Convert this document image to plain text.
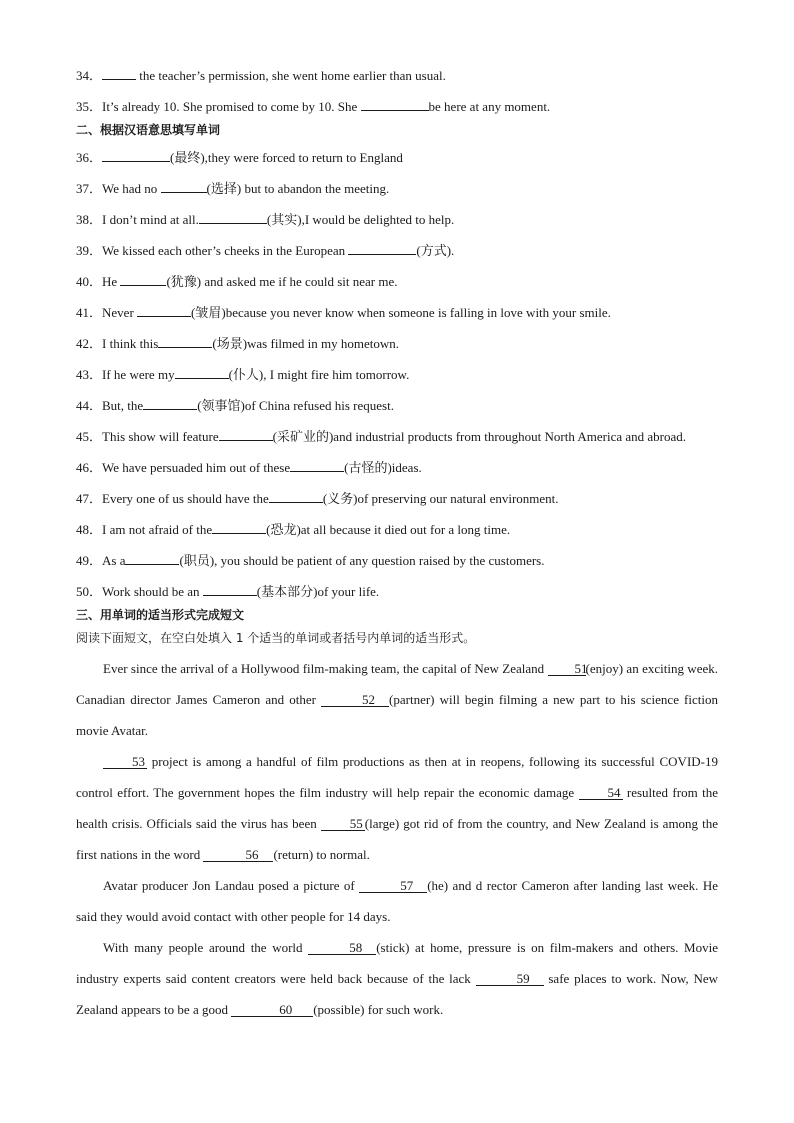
34．	the teacher’s permission, she went home earlier than usual.
35．It’s already 10. She promised to come by 10. She	be here at any moment.
二、根据汉语意思填写单词
36．	(最终),they were forced to return to England
37．We had no	(选择) but to abandon the meeting.
38．I don’t mind at all.	(其实),I would be delighted to help.
39．We kissed each other’s cheeks in the European	(方式).
40．He	(犹豫) and asked me if he could sit near me.
41．Never	(皱眉)because you never know when someone is falling in love with your smile.
42．I think this	(场景)was filmed in my hometown.
43．If he were my	(仆人), I might fire him tomorrow.
44．But, the	(领事馆)of China refused his request.
45．This show will feature	(采矿业的)and industrial products from throughout North America and abroad.
46．We have persuaded him out of these	(古怪的)ideas.
47．Every one of us should have the	(义务)of preserving our natural environment.
48．I am not afraid of the	(恐龙)at all because it died out for a long time.
49．As a	(职员), you should be patient of any question raised by the customers.
50．Work should be an	(基本部分)of your life.
三、用单词的适当形式完成短文
阅读下面短文，在空白处填入 1 个适当的单词或者括号内单词的适当形式。

Ever since the arrival of a Hollywood film-making team, the capital of New Zealand 51(enjoy) an exciting week. Canadian director James Cameron and other	52 (partner) will begin filming a new part to his science fiction movie Avatar.

53 project is among a handful of film productions as then at in reopens, following its successful COVID-19 control effort. The government hopes the film industry will help repair the economic damage 54 resulted from the health crisis. Officials said the virus has been 55 (large) got rid of from the country, and New Zealand is among the first nations in the word	56 (return) to normal.

Avatar producer Jon Landau posed a picture of	57 (he) and d rector Cameron after landing last week. He said they would avoid contact with other people for 14 days.

With many people around the world	58 (stick) at home, pressure is on film-makers and others. Movie industry experts said content creators were held back because of the lack	59 safe places to work. Now, New Zealand appears to be a good	60 (possible) for such work.
